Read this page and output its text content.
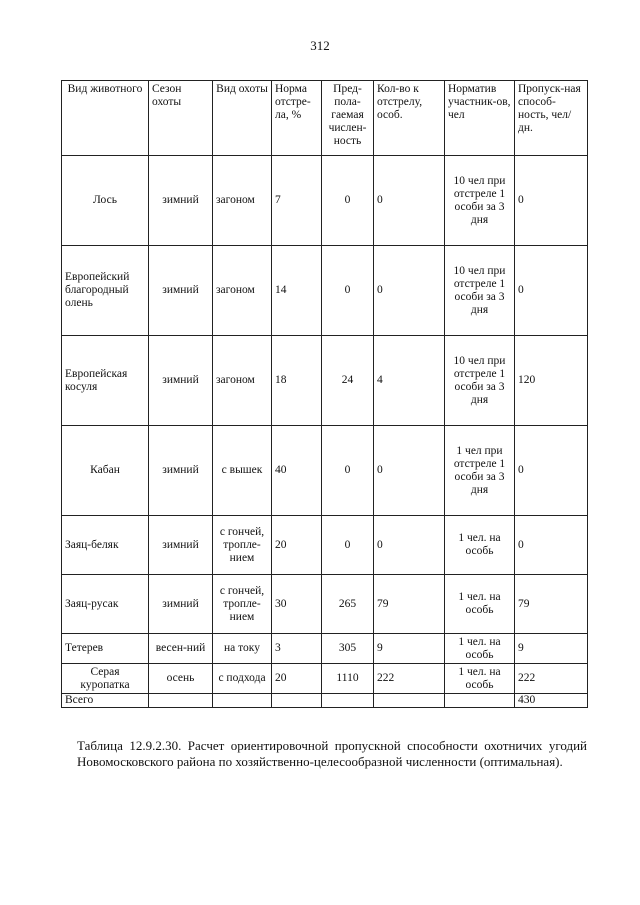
312
Вид животного	Сезон охоты	Вид охоты	Норма отстре-ла, %	Пред-пола-гаемая числен-ность	Кол-во к отстрелу, особ.	Норматив участник-ов, чел	Пропуск-ная способ-ность, чел/дн.
Лось	зимний	загоном	7	0	0	10 чел при отстреле 1 особи за 3 дня	0
Европейский благородный олень	зимний	загоном	14	0	0	10 чел при отстреле 1 особи за 3 дня	0
Европейская косуля	зимний	загоном	18	24	4	10 чел при отстреле 1 особи за 3 дня	120
Кабан	зимний	с вышек	40	0	0	1 чел при отстреле 1 особи за 3 дня	0
Заяц-беляк	зимний	с гончей, тропле-нием	20	0	0	1 чел. на особь	0
Заяц-русак	зимний	с гончей, тропле-нием	30	265	79	1 чел. на особь	79
Тетерев	весен-ний	на току	3	305	9	1 чел. на особь	9
Серая куропатка	осень	с подхода	20	1110	222	1 чел. на особь	222
Всего							430
Таблица 12.9.2.30. Расчет ориентировочной пропускной способности охотничих угодий Новомосковского района по хозяйственно-целесообразной численности (оптимальная).
